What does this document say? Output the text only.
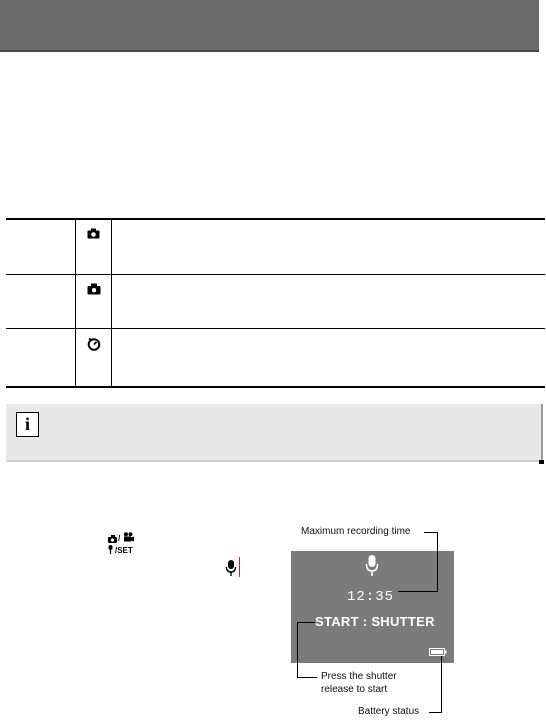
i
/
/SET
12:35
START : SHUTTER
Maximum recording time
Press the shutter
release to start
Battery status
